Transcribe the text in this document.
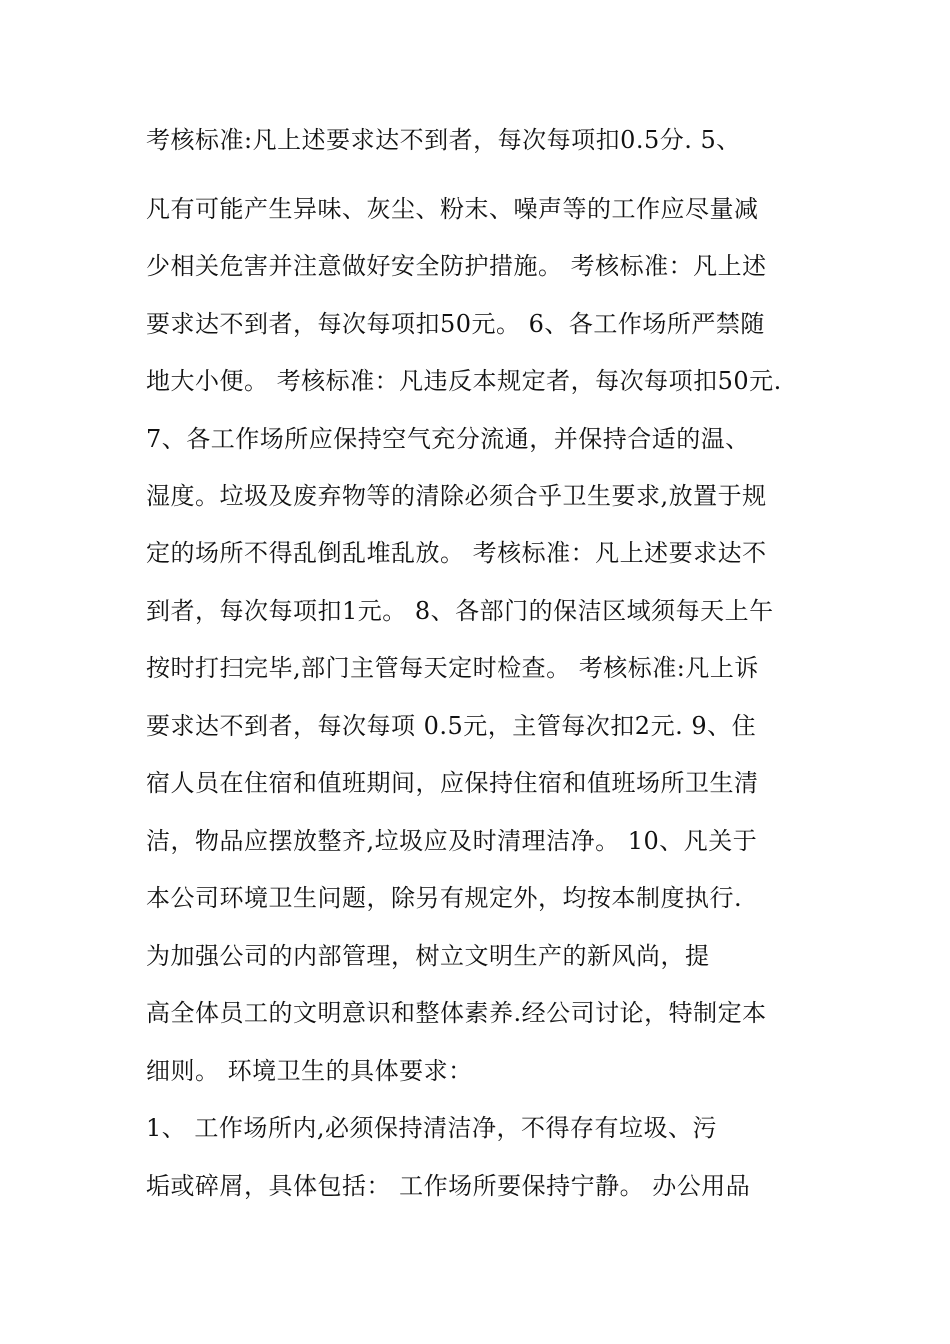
考核标准:凡上述要求达不到者，每次每项扣0.5分. 5、
凡有可能产生异味、灰尘、粉末、噪声等的工作应尽量减
少相关危害并注意做好安全防护措施。 考核标准：凡上述
要求达不到者，每次每项扣50元。 6、各工作场所严禁随
地大小便。 考核标准：凡违反本规定者，每次每项扣50元.
7、各工作场所应保持空气充分流通，并保持合适的温、
湿度。垃圾及废弃物等的清除必须合乎卫生要求,放置于规
定的场所不得乱倒乱堆乱放。 考核标准：凡上述要求达不
到者，每次每项扣1元。 8、各部门的保洁区域须每天上午
按时打扫完毕,部门主管每天定时检查。 考核标准:凡上诉
要求达不到者，每次每项 0.5元，主管每次扣2元. 9、住
宿人员在住宿和值班期间，应保持住宿和值班场所卫生清
洁，物品应摆放整齐,垃圾应及时清理洁净。 10、凡关于
本公司环境卫生问题，除另有规定外，均按本制度执行.
为加强公司的内部管理，树立文明生产的新风尚，提
高全体员工的文明意识和整体素养.经公司讨论，特制定本
细则。 环境卫生的具体要求：
1、 工作场所内,必须保持清洁净，不得存有垃圾、污
垢或碎屑，具体包括： 工作场所要保持宁静。 办公用品
